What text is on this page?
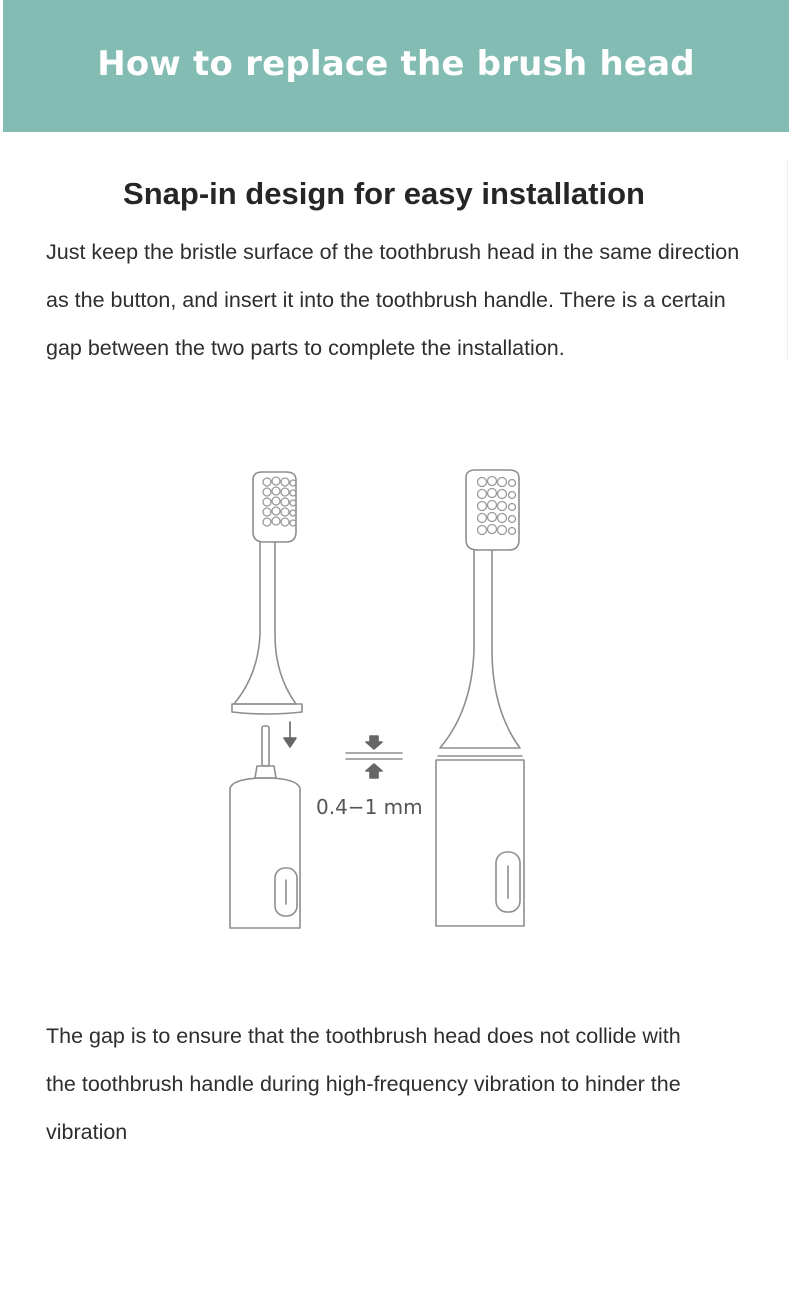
How to replace the brush head
Snap-in design for easy installation
Just keep the bristle surface of the toothbrush head in the same direction
as the button, and insert it into the toothbrush handle. There is a certain
gap between the two parts to complete the installation.
0.4−1 mm
The gap is to ensure that the toothbrush head does not collide with
the toothbrush handle during high-frequency vibration to hinder the
vibration
